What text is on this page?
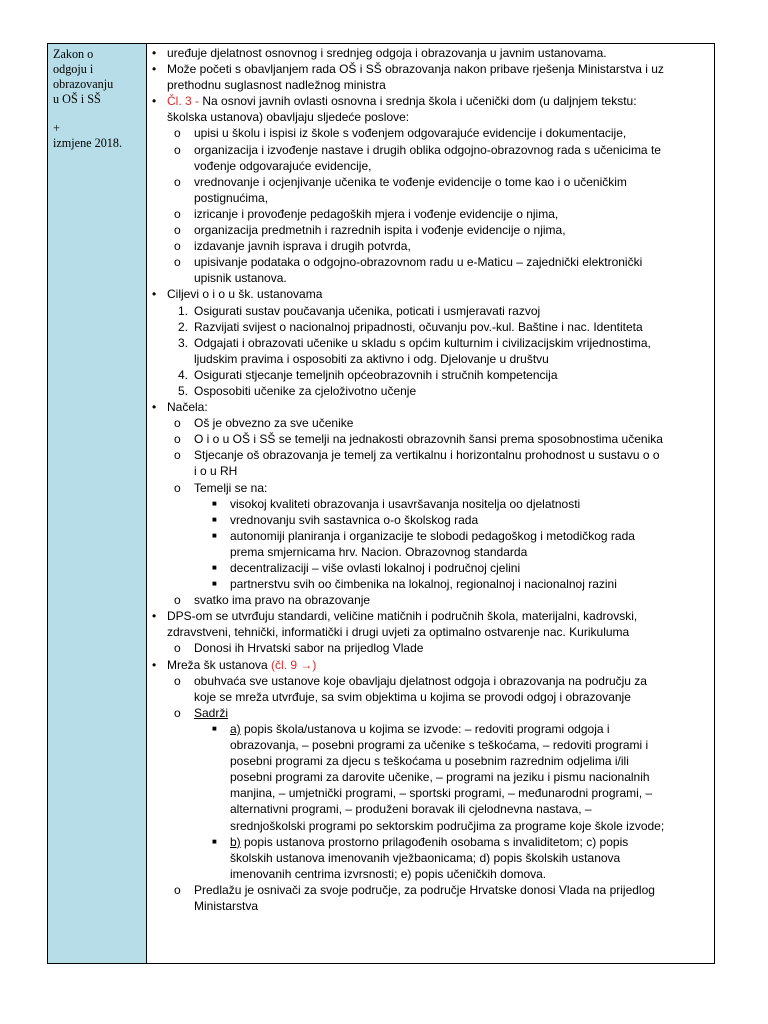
Zakon o
odgoju i
obrazovanju
u OŠ i SŠ
+
izmjene 2018.
• uređuje djelatnost osnovnog i srednjeg odgoja i obrazovanja u javnim ustanovama.
• Može početi s obavljanjem rada OŠ i SŠ obrazovanja nakon pribave rješenja Ministarstva i uz
prethodnu suglasnost nadležnog ministra
• Čl. 3 - Na osnovi javnih ovlasti osnovna i srednja škola i učenički dom (u daljnjem tekstu:
školska ustanova) obavljaju sljedeće poslove:
o upisi u školu i ispisi iz škole s vođenjem odgovarajuće evidencije i dokumentacije,
o organizacija i izvođenje nastave i drugih oblika odgojno-obrazovnog rada s učenicima te
vođenje odgovarajuće evidencije,
o vrednovanje i ocjenjivanje učenika te vođenje evidencije o tome kao i o učeničkim
postignućima,
o izricanje i provođenje pedagoških mjera i vođenje evidencije o njima,
o organizacija predmetnih i razrednih ispita i vođenje evidencije o njima,
o izdavanje javnih isprava i drugih potvrda,
o upisivanje podataka o odgojno-obrazovnom radu u e-Maticu – zajednički elektronički
upisnik ustanova.
• Ciljevi o i o u šk. ustanovama
1. Osigurati sustav poučavanja učenika, poticati i usmjeravati razvoj
2. Razvijati svijest o nacionalnoj pripadnosti, očuvanju pov.-kul. Baštine i nac. Identiteta
3. Odgajati i obrazovati učenike u skladu s općim kulturnim i civilizacijskim vrijednostima,
ljudskim pravima i osposobiti za aktivno i odg. Djelovanje u društvu
4. Osigurati stjecanje temeljnih općeobrazovnih i stručnih kompetencija
5. Osposobiti učenike za cjeloživotno učenje
• Načela:
o Oš je obvezno za sve učenike
o O i o u OŠ i SŠ se temelji na jednakosti obrazovnih šansi prema sposobnostima učenika
o Stjecanje oš obrazovanja je temelj za vertikalnu i horizontalnu prohodnost u sustavu o o
i o u RH
o Temelji se na:
■ visokoj kvaliteti obrazovanja i usavršavanja nositelja oo djelatnosti
■ vrednovanju svih sastavnica o-o školskog rada
■ autonomiji planiranja i organizacije te slobodi pedagoškog i metodičkog rada
prema smjernicama hrv. Nacion. Obrazovnog standarda
■ decentralizaciji – više ovlasti lokalnoj i područnoj cjelini
■ partnerstvu svih oo čimbenika na lokalnoj, regionalnoj i nacionalnoj razini
o svatko ima pravo na obrazovanje
• DPS-om se utvrđuju standardi, veličine matičnih i područnih škola, materijalni, kadrovski,
zdravstveni, tehnički, informatički i drugi uvjeti za optimalno ostvarenje nac. Kurikuluma
o Donosi ih Hrvatski sabor na prijedlog Vlade
• Mreža šk ustanova (čl. 9 →)
o obuhvaća sve ustanove koje obavljaju djelatnost odgoja i obrazovanja na području za
koje se mreža utvrđuje, sa svim objektima u kojima se provodi odgoj i obrazovanje
o Sadrži
■ a) popis škola/ustanova u kojima se izvode: – redoviti programi odgoja i
obrazovanja, – posebni programi za učenike s teškoćama, – redoviti programi i
posebni programi za djecu s teškoćama u posebnim razrednim odjelima i/ili
posebni programi za darovite učenike, – programi na jeziku i pismu nacionalnih
manjina, – umjetnički programi, – sportski programi, – međunarodni programi, –
alternativni programi, – produženi boravak ili cjelodnevna nastava, –
srednjoškolski programi po sektorskim područjima za programe koje škole izvode;
■ b) popis ustanova prostorno prilagođenih osobama s invaliditetom; c) popis
školskih ustanova imenovanih vježbaonicama; d) popis školskih ustanova
imenovanih centrima izvrsnosti; e) popis učeničkih domova.
o Predlažu je osnivači za svoje područje, za područje Hrvatske donosi Vlada na prijedlog
Ministarstva
